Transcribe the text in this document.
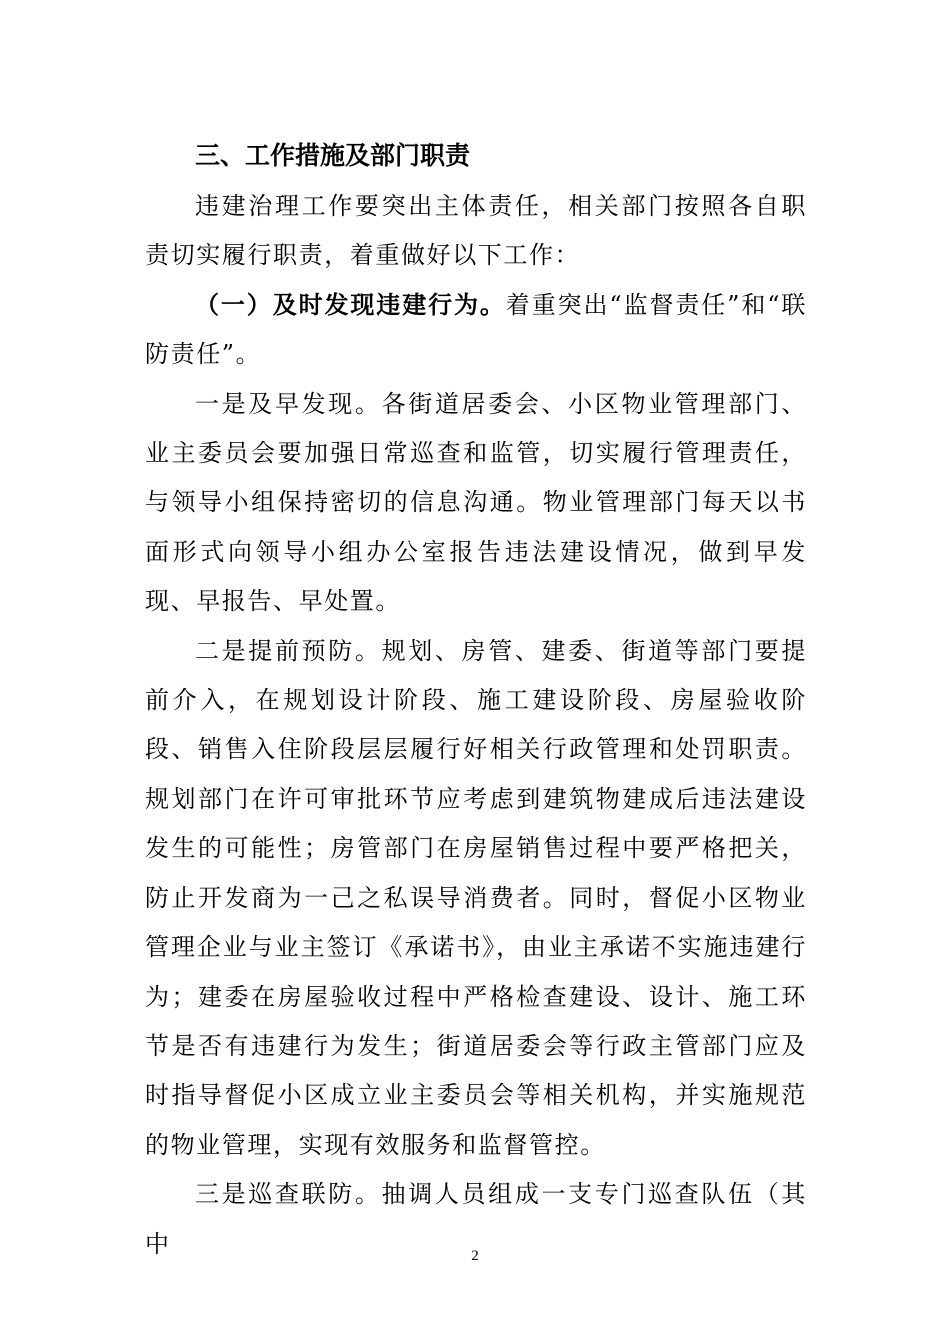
三、工作措施及部门职责

违建治理工作要突出主体责任，相关部门按照各自职责切实履行职责，着重做好以下工作：

（一）及时发现违建行为。着重突出“监督责任”和“联防责任”。

一是及早发现。各街道居委会、小区物业管理部门、业主委员会要加强日常巡查和监管，切实履行管理责任，与领导小组保持密切的信息沟通。物业管理部门每天以书面形式向领导小组办公室报告违法建设情况，做到早发现、早报告、早处置。

二是提前预防。规划、房管、建委、街道等部门要提前介入，在规划设计阶段、施工建设阶段、房屋验收阶段、销售入住阶段层层履行好相关行政管理和处罚职责。规划部门在许可审批环节应考虑到建筑物建成后违法建设发生的可能性；房管部门在房屋销售过程中要严格把关，防止开发商为一己之私误导消费者。同时，督促小区物业管理企业与业主签订《承诺书》，由业主承诺不实施违建行为；建委在房屋验收过程中严格检查建设、设计、施工环节是否有违建行为发生；街道居委会等行政主管部门应及时指导督促小区成立业主委员会等相关机构，并实施规范的物业管理，实现有效服务和监督管控。

三是巡查联防。抽调人员组成一支专门巡查队伍（其中	2
